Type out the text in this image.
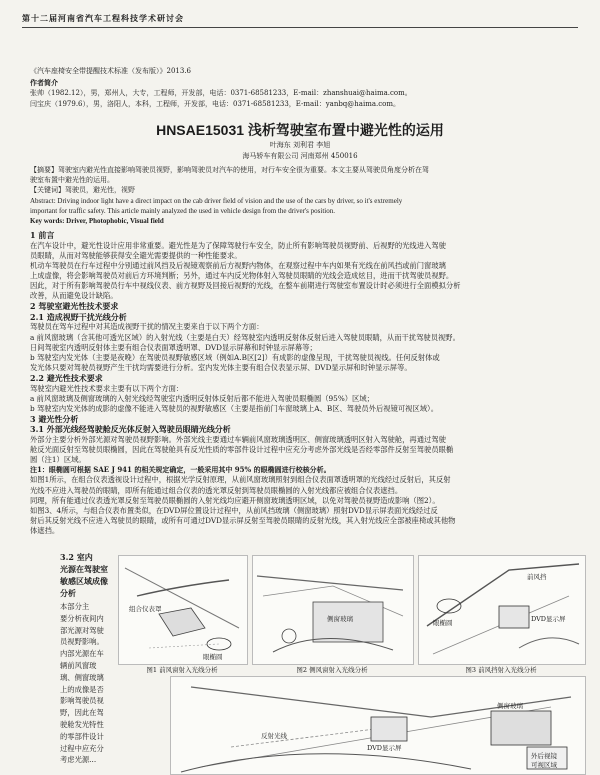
第十二届河南省汽车工程科技学术研讨会
《汽车座椅安全带提醒技术标准（发布版）》2013.6
作者简介
张帅（1982.12），男，郑州人，大专，工程师，开发部，电话：0371-68581233，E-mail：zhanshuai@haima.com。
闫宝庆（1979.6），男，洛阳人，本科，工程师，开发部，电话：0371-68581233，E-mail：yanbq@haima.com。
HNSAE15031 浅析驾驶室布置中避光性的运用
叶海东 刘利君 李旭
海马轿车有限公司 河南郑州 450016
【摘要】驾驶室内避光性直接影响驾驶员视野，影响驾驶员对汽车的使用，对行车安全很为重要。本文主要从驾驶员角度分析在驾
驶室布置中避光性的运用。
【关键词】驾驶员，避光性，视野
Abstract: Driving indoor light have a direct impact on the cab driver field of vision and the use of the cars by driver, so it's extremely
important for traffic safety. This article mainly analyzed the used in vehicle design from the driver's position.
Key words: Driver, Photophobic, Visual field
1 前言
在汽车设计中，避光性设计应用非常重要。避光性是为了保障驾驶行车安全，防止所有影响驾驶员视野前、后视野的光线进入驾驶
员眼睛，从而对驾驶能够获得安全避光需要提供的一种性能要求。
机动车驾驶员在行车过程中分别通过前风挡及后视镜观察前后方视野内物体，在观察过程中车内如果有光线在前风挡或前门窗玻璃
上成虚像，将会影响驾驶员对前后方环境判断；另外，通过车内反光物体射入驾驶员眼睛的光线会造成炫目，进而干扰驾驶员视野。
因此，对于所有影响驾驶员行车中视线仪表、前方视野及回接后视野的光线，在整车前期进行驾驶室布置设计时必须进行全面模拟分析
改善，从而避免设计缺陷。
2 驾驶室避光性技术要求
2.1 造成视野干扰光线分析
驾驶员在驾车过程中对其造成视野干扰的情况主要来自于以下两个方面：
a 前风窗玻璃（含其他可透光区域）的入射光线（主要是白天）经驾驶室内透明反射体反射后进入驾驶员眼睛，从而干扰驾驶员视野。
日间驾驶室内透明反射体主要有组合仪表面罩透明罩、DVD显示屏幕和时钟显示屏幕等；
b 驾驶室内发光体（主要是夜晚）在驾驶员视野敏感区域（例如A.B区[2]）有成影的虚像呈现，干扰驾驶员视线。任何反射体或
发光体只要对驾驶员视野产生干扰均需要进行分析。室内发光体主要有组合仪表显示屏、DVD显示屏和时钟显示屏等。
2.2 避光性技术要求
驾驶室内避光性技术要求主要有以下两个方面：
a 前风窗玻璃及侧窗玻璃的入射光线经驾驶室内透明反射体反射后都不能进入驾驶员眼椭圆（95%）区域；
b 驾驶室内发光体的成影的虚像不能进入驾驶员的视野敏感区（主要是指前门车窗玻璃上A、B区、驾驶员外后视镜可视区域）。
3 避光性分析
3.1 外部光线经驾驶舱反光体反射入驾驶员眼睛光线分析
外部分主要分析外部光源对驾驶员视野影响。外部光线主要通过车辆前风窗玻璃透明区、侧窗玻璃透明区射入驾驶舱，再通过驾驶
舱反光面反射至驾驶员眼椭圆，因此在驾驶舱具有反光性质的零部件设计过程中应充分考虑外部光线是否经零部件反射至驾驶员眼椭
圆（注1）区域。
注1：眼椭圆可根据 SAE J 941 的相关规定确定，一般采用其中 95% 的眼椭圆进行校核分析。
如图1所示，在组合仪表透视设计过程中，根据光学反射原理，从前风窗玻璃照射到组合仪表面罩透明罩的光线经过反射后，其反射
光线不应进入驾驶员的眼睛，即所有能通过组合仪表的透光罩反射到驾驶员眼椭圆的入射光线都应被组合仪表遮挡。
同理，所有能通过仪表透光罩反射至驾驶员眼椭圆的入射光线均应避开侧窗玻璃透明区域，以免对驾驶员视野造成影响（图2）。
如图3、4所示，与组合仪表布置类似，在DVD屏位置设计过程中，从前风挡玻璃（侧窗玻璃）照射DVD显示屏表面光线经过反
射后其反射光线不应进入驾驶员的眼睛，或所有可通过DVD显示屏反射至驾驶员眼睛的反射光线，其入射光线应全部被座椅或其他物
体遮挡。
3.2 室内
光源在驾驶室
敏感区域成像
分析
本部分主
要分析夜间内
部光源对驾驶
员视野影响。
内部光源在车
辆前风窗玻
璃、侧窗玻璃
上的成像是否
影响驾驶员视
野，因此在驾
驶舱发光特性
的零部件设计
过程中应充分
考虑光源...
组合仪表罩
眼椭圆
图1 前风窗射入光线分析
侧窗玻璃
图2 侧风窗射入光线分析
前风挡
DVD显示屏
眼椭圆
图3 前风挡射入光线分析
反射光线
DVD显示屏
侧窗玻璃
外后视镜
可视区域
